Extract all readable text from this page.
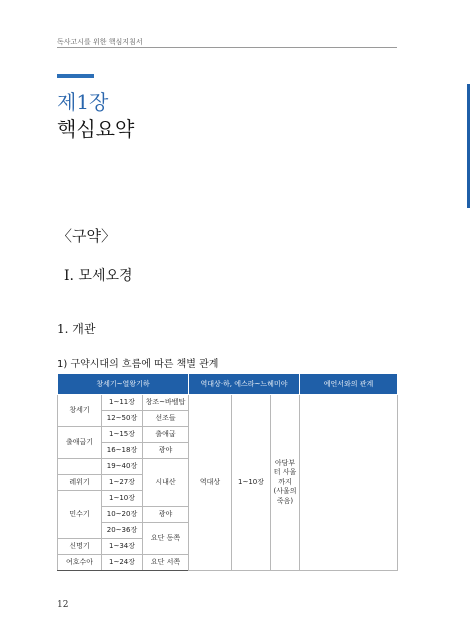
독사고시를 위한 핵심지침서
제1장
핵심요약
〈구약〉
Ⅰ. 모세오경
1. 개관
1) 구약시대의 흐름에 따른 책별 관계
창세기~열왕기하			역대상·하, 에스라~느헤미야			예언서와의 관계
창세기	1~11장	창조~바벨탑	역대상	1~10장	아담부터 사울까지 (사울의 죽음)	
	12~50장	선조들				
출애굽기	1~15장	출애굽				
	16~18장	광야				
	19~40장	시내산				
레위기	1~27장					
민수기	1~10장					
	10~20장	광야				
	20~36장	요단 동쪽				
신명기	1~34장					
여호수아	1~24장	요단 서쪽				
12
